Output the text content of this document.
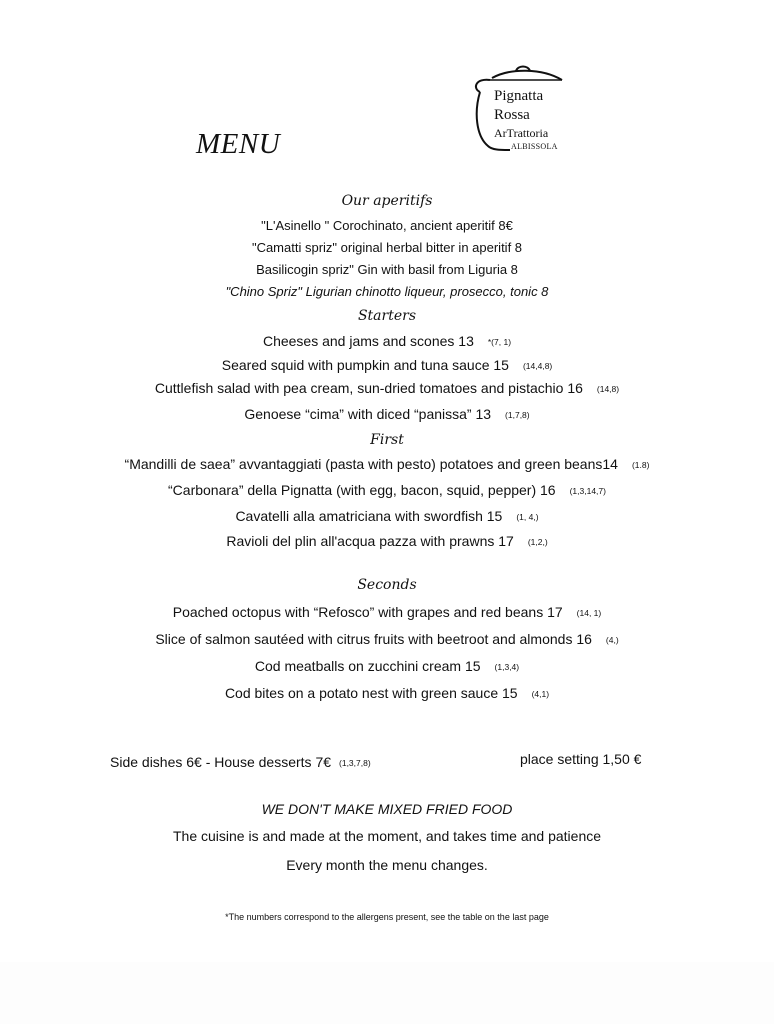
Pignatta
Rossa
ArTrattoria
ALBISSOLA
MENU
Our aperitifs
"L'Asinello " Corochinato, ancient aperitif 8€
"Camatti spriz" original herbal bitter in aperitif 8
Basilicogin spriz" Gin with basil from Liguria 8
"Chino Spriz" Ligurian chinotto liqueur, prosecco, tonic 8
Starters
Cheeses and jams and scones 13 *(7, 1)
Seared squid with pumpkin and tuna sauce 15 (14,4,8)
Cuttlefish salad with pea cream, sun-dried tomatoes and pistachio 16 (14,8)
Genoese “cima” with diced “panissa” 13 (1,7,8)
First
“Mandilli de saea” avvantaggiati (pasta with pesto) potatoes and green beans14 (1.8)
“Carbonara” della Pignatta (with egg, bacon, squid, pepper) 16 (1,3,14,7)
Cavatelli alla amatriciana with swordfish 15 (1, 4,)
Ravioli del plin all'acqua pazza with prawns 17 (1,2,)
Seconds
Poached octopus with “Refosco” with grapes and red beans 17 (14, 1)
Slice of salmon sautéed with citrus fruits with beetroot and almonds 16 (4,)
Cod meatballs on zucchini cream 15 (1,3,4)
Cod bites on a potato nest with green sauce 15 (4,1)
Side dishes 6€ - House desserts 7€ (1,3,7,8)	place setting 1,50 €
WE DON'T MAKE MIXED FRIED FOOD
The cuisine is and made at the moment, and takes time and patience
Every month the menu changes.
*The numbers correspond to the allergens present, see the table on the last page
